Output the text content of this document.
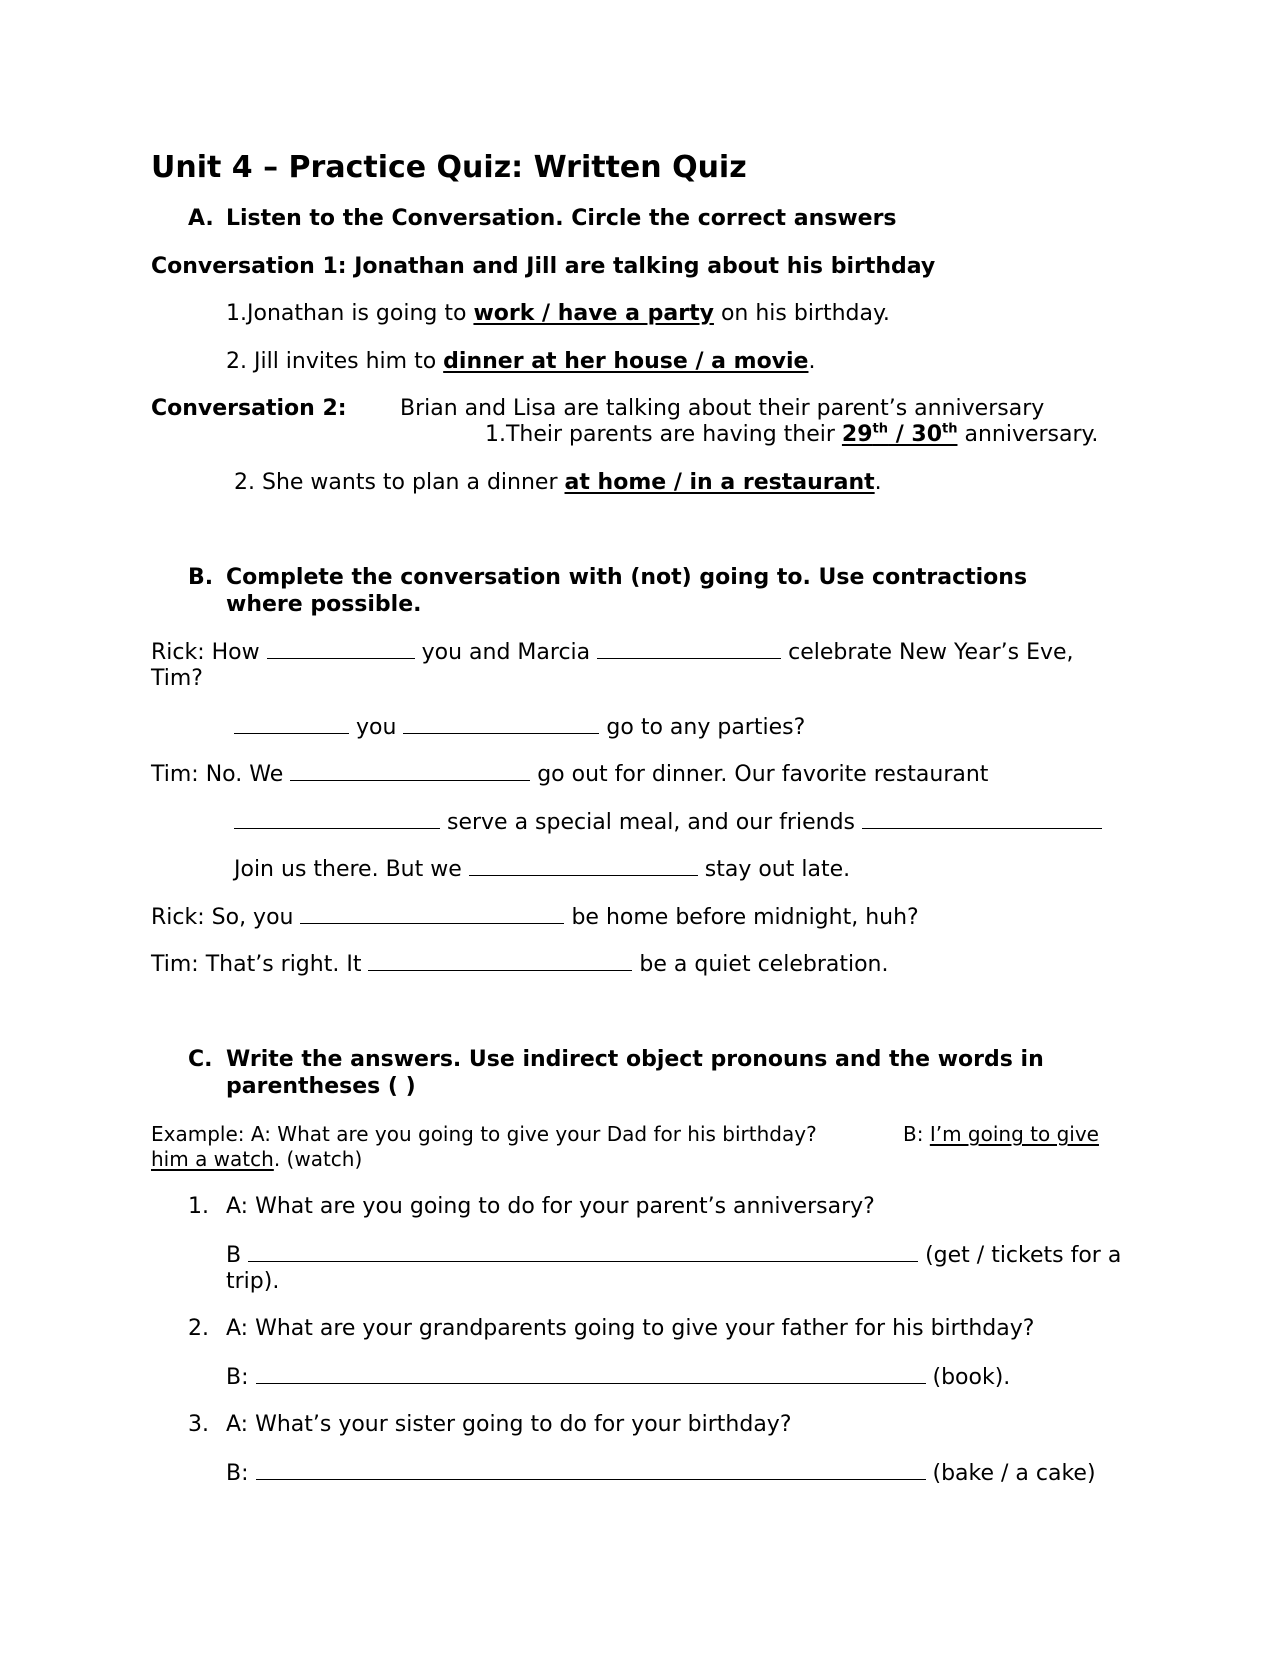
Unit 4 – Practice Quiz: Written Quiz
A. Listen to the Conversation. Circle the correct answers
Conversation 1: Jonathan and Jill are talking about his birthday
1.Jonathan is going to work / have a party on his birthday.
2. Jill invites him to dinner at her house / a movie.
Conversation 2: Brian and Lisa are talking about their parent’s anniversary
1.Their parents are having their 29th / 30th anniversary.
2. She wants to plan a dinner at home / in a restaurant.
B. Complete the conversation with (not) going to. Use contractions where possible.
Rick: How	you and Marcia	celebrate New Year’s Eve,
Tim?
you	go to any parties?
Tim: No. We	go out for dinner. Our favorite restaurant
serve a special meal, and our friends
Join us there. But we	stay out late.
Rick: So, you	be home before midnight, huh?
Tim: That’s right. It	be a quiet celebration.
C. Write the answers. Use indirect object pronouns and the words in parentheses ( )
Example: A: What are you going to give your Dad for his birthday?	B: I’m going to give
him a watch. (watch)
1. A: What are you going to do for your parent’s anniversary?
B	(get / tickets for a
trip).
2. A: What are your grandparents going to give your father for his birthday?
B:	(book).
3. A: What’s your sister going to do for your birthday?
B:	(bake / a cake)
